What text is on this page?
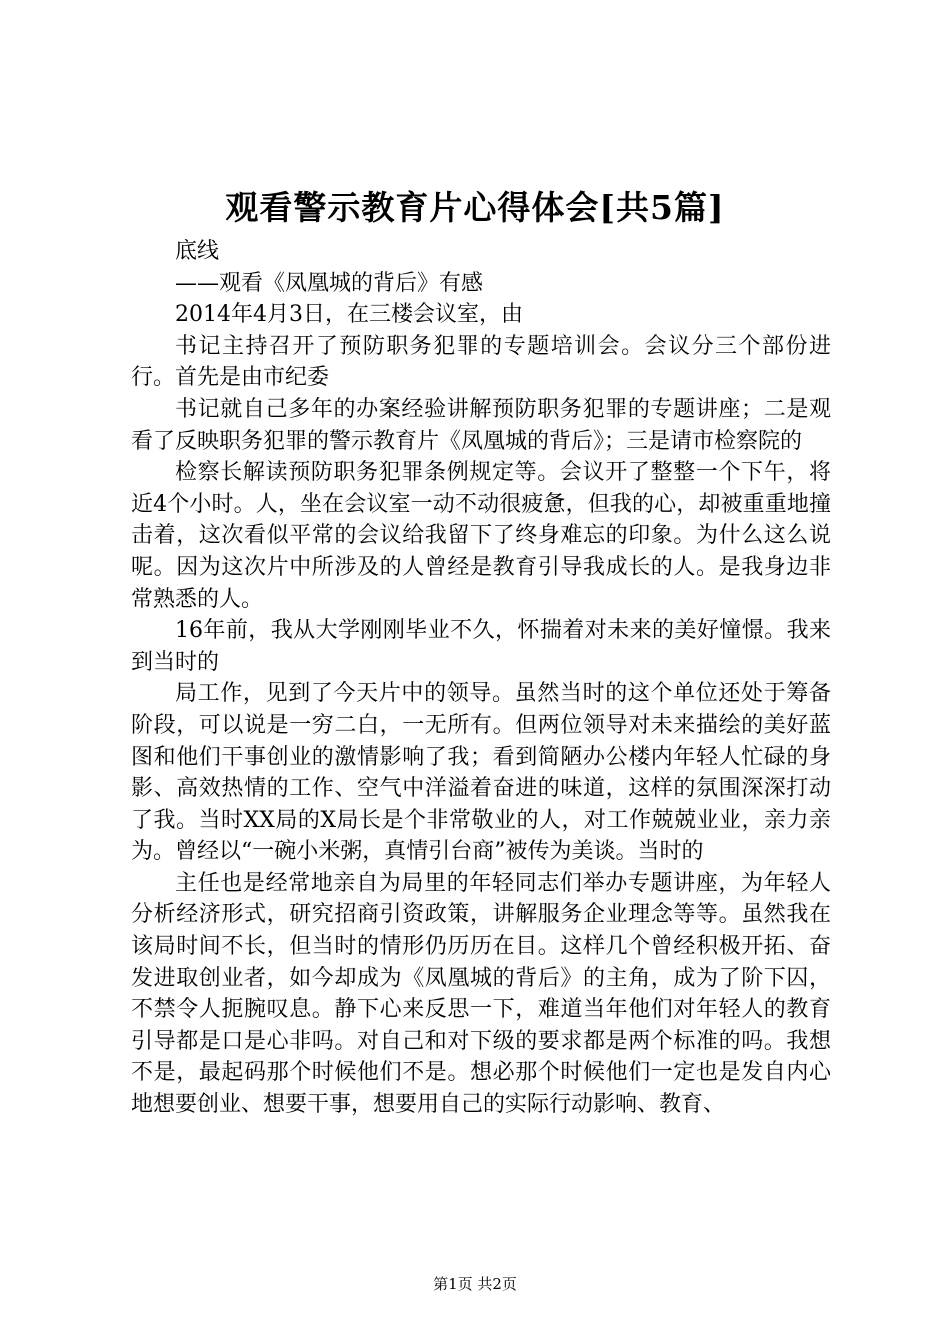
观看警示教育片心得体会[共5篇]

底线

——观看《凤凰城的背后》有感

2014年4月3日，在三楼会议室，由

书记主持召开了预防职务犯罪的专题培训会。会议分三个部份进行。首先是由市纪委

书记就自己多年的办案经验讲解预防职务犯罪的专题讲座；二是观看了反映职务犯罪的警示教育片《凤凰城的背后》；三是请市检察院的

检察长解读预防职务犯罪条例规定等。会议开了整整一个下午，将近4个小时。人，坐在会议室一动不动很疲惫，但我的心，却被重重地撞击着，这次看似平常的会议给我留下了终身难忘的印象。为什么这么说呢。因为这次片中所涉及的人曾经是教育引导我成长的人。是我身边非常熟悉的人。

16年前，我从大学刚刚毕业不久，怀揣着对未来的美好憧憬。我来到当时的

局工作，见到了今天片中的领导。虽然当时的这个单位还处于筹备阶段，可以说是一穷二白，一无所有。但两位领导对未来描绘的美好蓝图和他们干事创业的激情影响了我；看到简陋办公楼内年轻人忙碌的身影、高效热情的工作、空气中洋溢着奋进的味道，这样的氛围深深打动了我。当时XX局的X局长是个非常敬业的人，对工作兢兢业业，亲力亲为。曾经以“一碗小米粥，真情引台商”被传为美谈。当时的

主任也是经常地亲自为局里的年轻同志们举办专题讲座，为年轻人分析经济形式，研究招商引资政策，讲解服务企业理念等等。虽然我在该局时间不长，但当时的情形仍历历在目。这样几个曾经积极开拓、奋发进取创业者，如今却成为《凤凰城的背后》的主角，成为了阶下囚，不禁令人扼腕叹息。静下心来反思一下，难道当年他们对年轻人的教育引导都是口是心非吗。对自己和对下级的要求都是两个标准的吗。我想不是，最起码那个时候他们不是。想必那个时候他们一定也是发自内心地想要创业、想要干事，想要用自己的实际行动影响、教育、

第1页 共2页
